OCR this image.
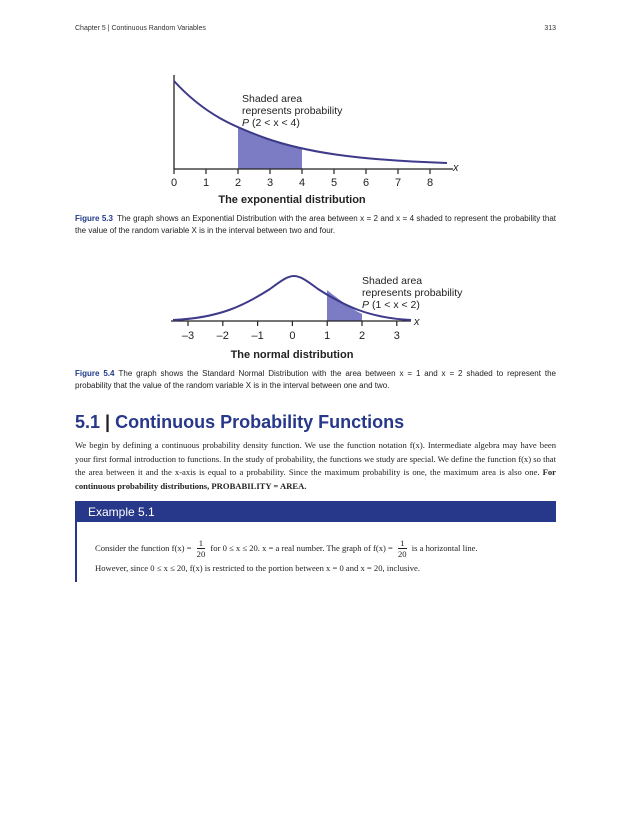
Chapter 5 | Continuous Random Variables	313
Shaded area
represents probability
P (2 < x < 4)
x
0 1 2 3 4 5 6 7 8
The exponential distribution
Figure 5.3 The graph shows an Exponential Distribution with the area between x = 2 and x = 4 shaded to represent the probability that the value of the random variable X is in the interval between two and four.
Shaded area
represents probability
P (1 < x < 2)
x
–3 –2 –1 0	1	2	3
The normal distribution
Figure 5.4 The graph shows the Standard Normal Distribution with the area between x = 1 and x = 2 shaded to represent the probability that the value of the random variable X is in the interval between one and two.
5.1 | Continuous Probability Functions
We begin by defining a continuous probability density function. We use the function notation f(x). Intermediate algebra may have been your first formal introduction to functions. In the study of probability, the functions we study are special. We define the function f(x) so that the area between it and the x-axis is equal to a probability. Since the maximum probability is one, the maximum area is also one. For continuous probability distributions, PROBABILITY = AREA.
Example 5.1
Consider the function $f(x) = \frac{1}{20}$ for 0 ≤ x ≤ 20. x = a real number. The graph of $f(x) = \frac{1}{20}$ is a horizontal line.
However, since 0 ≤ x ≤ 20, f(x) is restricted to the portion between x = 0 and x = 20, inclusive.
